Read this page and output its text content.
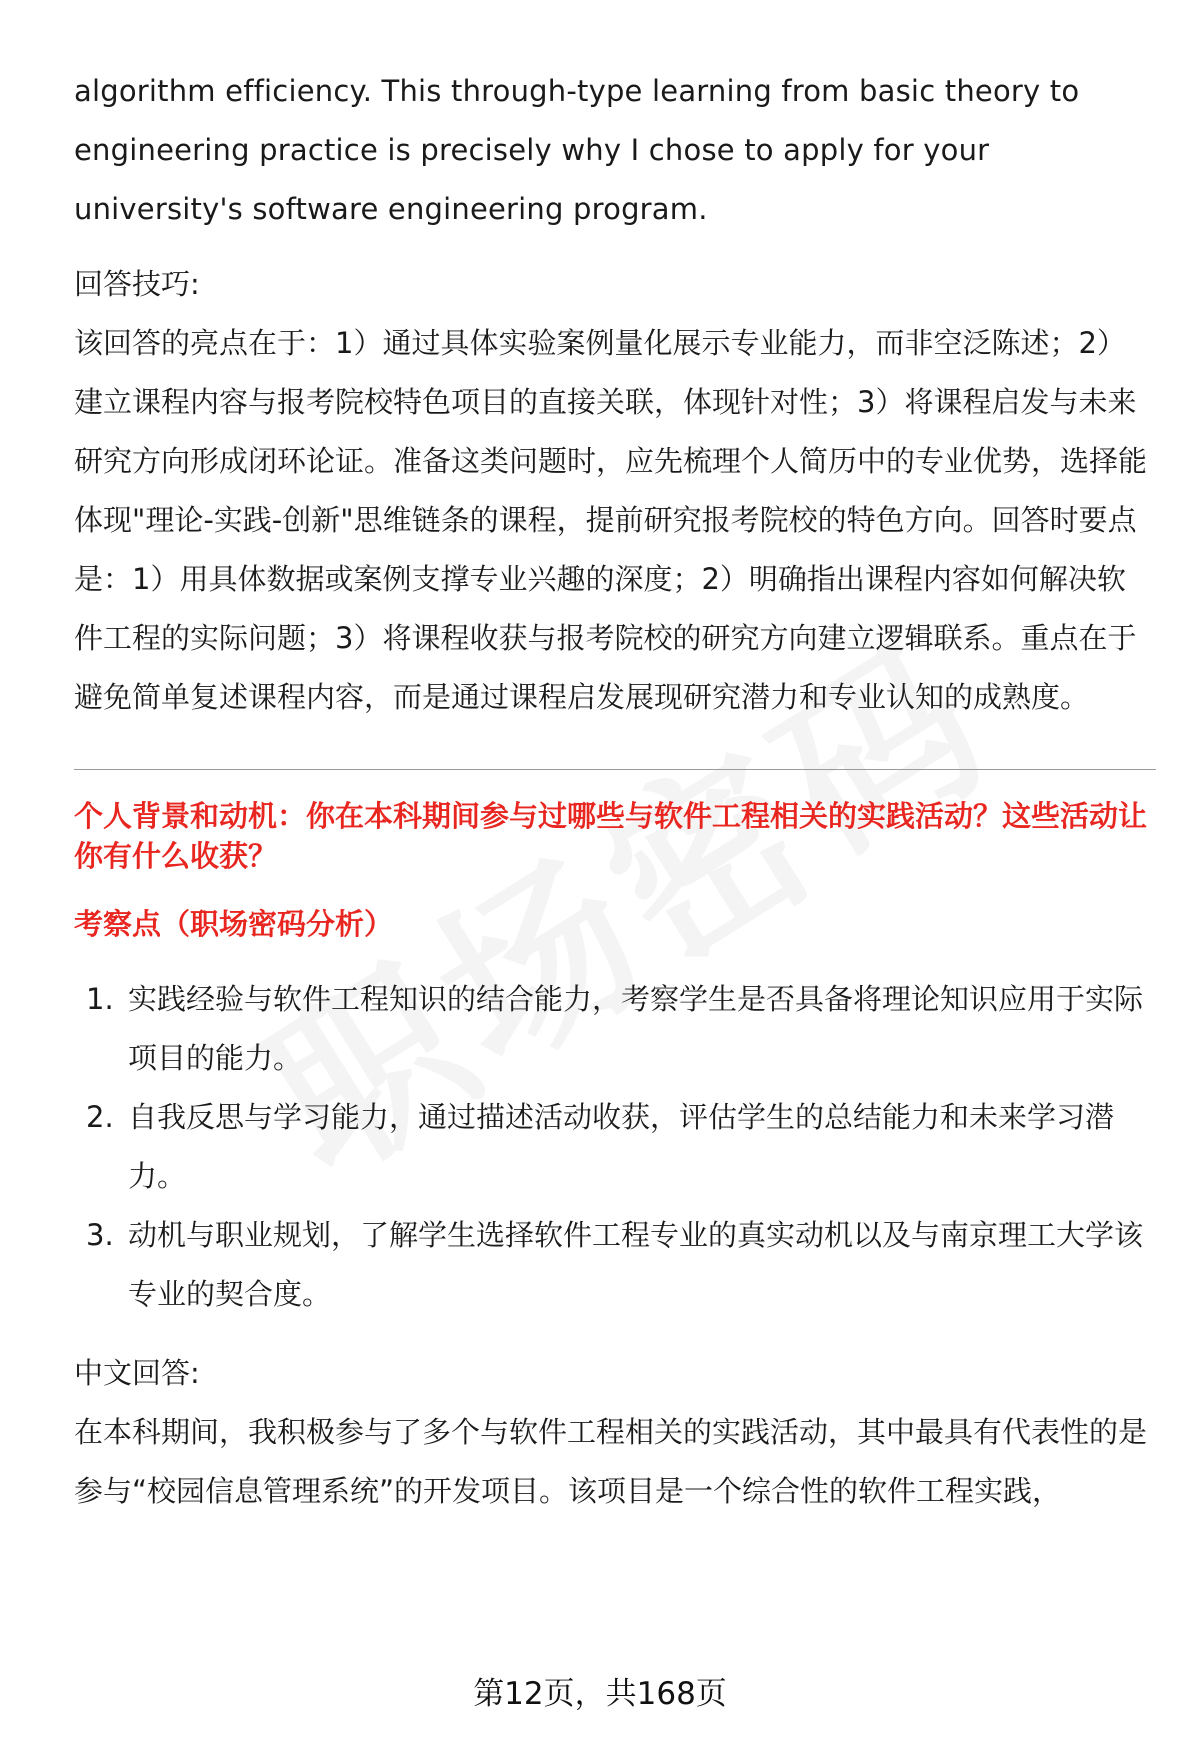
algorithm efficiency. This through-type learning from basic theory to engineering practice is precisely why I chose to apply for your university's software engineering program.

回答技巧:

该回答的亮点在于：1）通过具体实验案例量化展示专业能力，而非空泛陈述；2）建立课程内容与报考院校特色项目的直接关联，体现针对性；3）将课程启发与未来研究方向形成闭环论证。准备这类问题时，应先梳理个人简历中的专业优势，选择能体现"理论-实践-创新"思维链条的课程，提前研究报考院校的特色方向。回答时要点是：1）用具体数据或案例支撑专业兴趣的深度；2）明确指出课程内容如何解决软件工程的实际问题；3）将课程收获与报考院校的研究方向建立逻辑联系。重点在于避免简单复述课程内容，而是通过课程启发展现研究潜力和专业认知的成熟度。

个人背景和动机：你在本科期间参与过哪些与软件工程相关的实践活动？这些活动让你有什么收获？

考察点（职场密码分析）

1. 实践经验与软件工程知识的结合能力，考察学生是否具备将理论知识应用于实际项目的能力。
2. 自我反思与学习能力，通过描述活动收获，评估学生的总结能力和未来学习潜力。
3. 动机与职业规划，了解学生选择软件工程专业的真实动机以及与南京理工大学该专业的契合度。

中文回答:

在本科期间，我积极参与了多个与软件工程相关的实践活动，其中最具有代表性的是参与“校园信息管理系统”的开发项目。该项目是一个综合性的软件工程实践，

第12页，共168页
